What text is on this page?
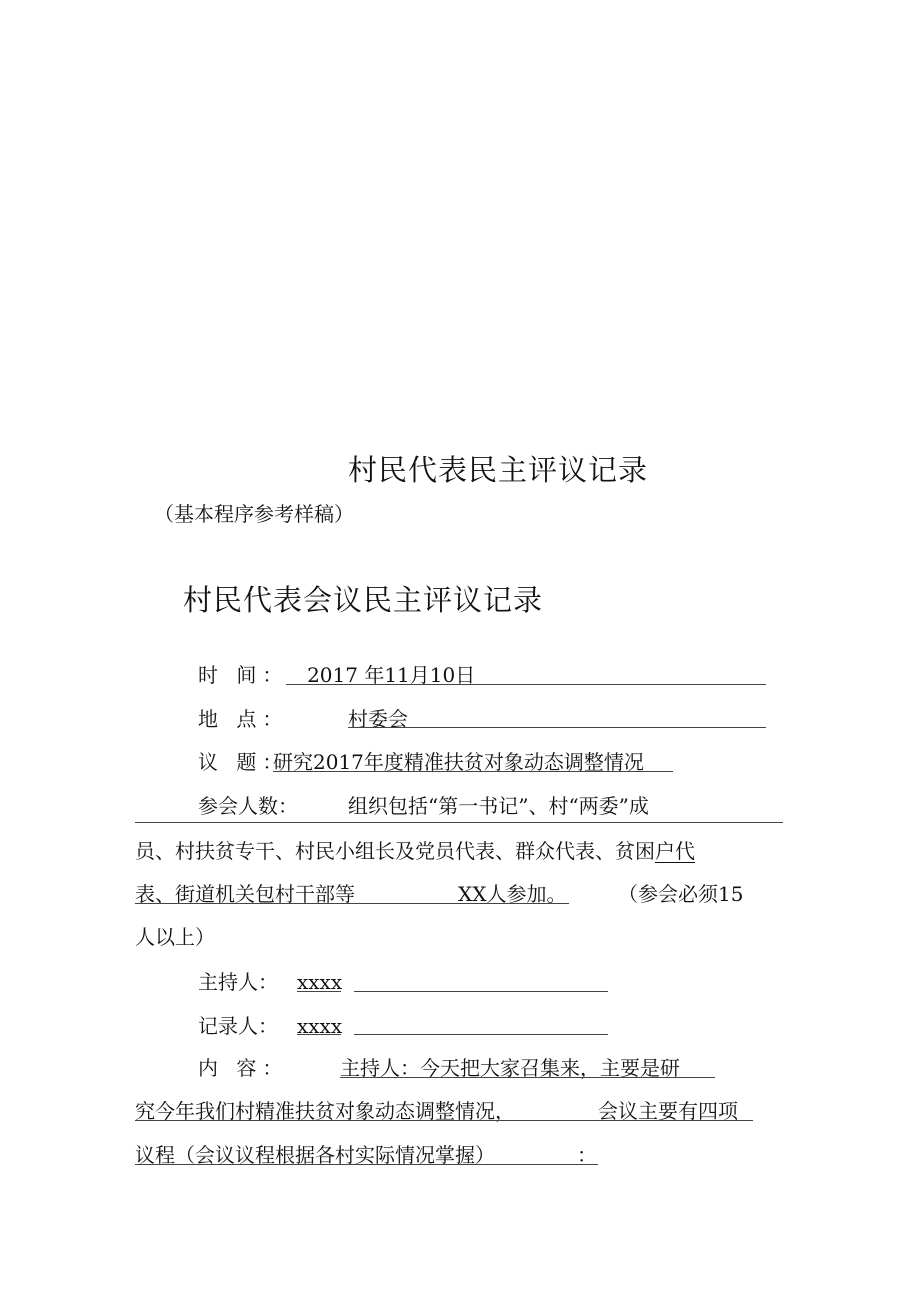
村民代表民主评议记录
（基本程序参考样稿）
村民代表会议民主评议记录
时 间： 2017 年11月10日
地 点：	村委会
议 题：
研究2017年度精准扶贫对象动态调整情况
参会人数：	组织包括“第一书记”、村“两委”成
员、村扶贫专干、村民小组长及党员代表、群众代表、贫困户代
表、街道机关包村干部等	XX人参加。	（参会必须15
人以上）
主持人： xxxx
记录人： xxxx
内 容：	主持人：今天把大家召集来，主要是研
究今年我们村精准扶贫对象动态调整情况，	会议主要有四项
议程（会议议程根据各村实际情况掌握）	：
